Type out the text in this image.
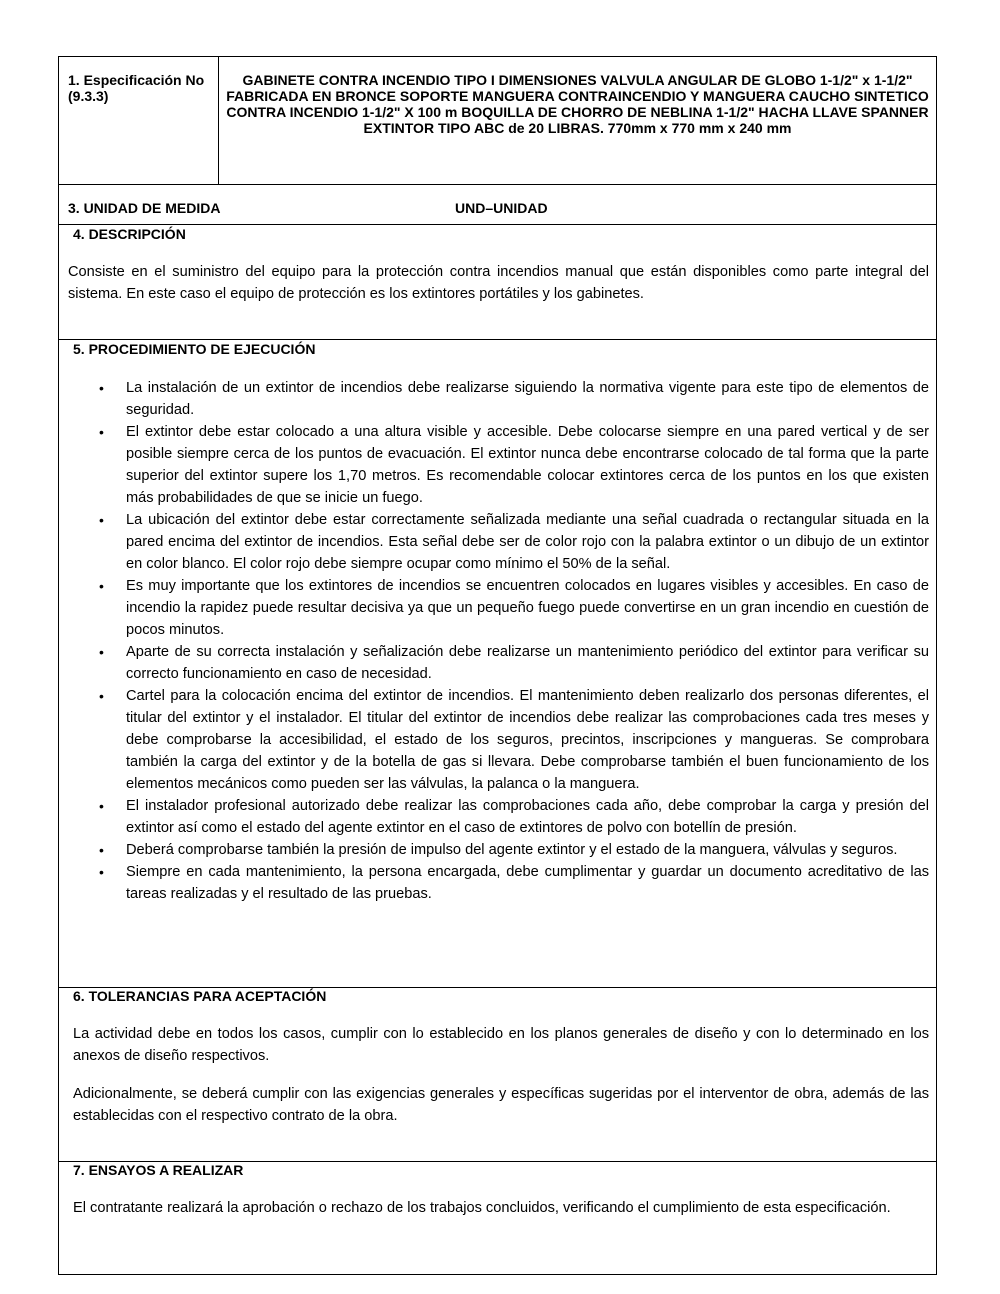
1. Especificación No (9.3.3)
GABINETE CONTRA INCENDIO TIPO I DIMENSIONES VALVULA ANGULAR DE GLOBO 1-1/2" x 1-1/2" FABRICADA EN BRONCE SOPORTE MANGUERA CONTRAINCENDIO Y MANGUERA CAUCHO SINTETICO CONTRA INCENDIO 1-1/2" X 100 m BOQUILLA DE CHORRO DE NEBLINA 1-1/2" HACHA LLAVE SPANNER EXTINTOR TIPO ABC de 20 LIBRAS. 770mm x 770 mm x 240 mm
3. UNIDAD DE MEDIDA	UND–UNIDAD
4. DESCRIPCIÓN
Consiste en el suministro del equipo para la protección contra incendios manual que están disponibles como parte integral del sistema. En este caso el equipo de protección es los extintores portátiles y los gabinetes.
5. PROCEDIMIENTO DE EJECUCIÓN
• La instalación de un extintor de incendios debe realizarse siguiendo la normativa vigente para este tipo de elementos de seguridad.
• El extintor debe estar colocado a una altura visible y accesible. Debe colocarse siempre en una pared vertical y de ser posible siempre cerca de los puntos de evacuación. El extintor nunca debe encontrarse colocado de tal forma que la parte superior del extintor supere los 1,70 metros. Es recomendable colocar extintores cerca de los puntos en los que existen más probabilidades de que se inicie un fuego.
• La ubicación del extintor debe estar correctamente señalizada mediante una señal cuadrada o rectangular situada en la pared encima del extintor de incendios. Esta señal debe ser de color rojo con la palabra extintor o un dibujo de un extintor en color blanco. El color rojo debe siempre ocupar como mínimo el 50% de la señal.
• Es muy importante que los extintores de incendios se encuentren colocados en lugares visibles y accesibles. En caso de incendio la rapidez puede resultar decisiva ya que un pequeño fuego puede convertirse en un gran incendio en cuestión de pocos minutos.
• Aparte de su correcta instalación y señalización debe realizarse un mantenimiento periódico del extintor para verificar su correcto funcionamiento en caso de necesidad.
• Cartel para la colocación encima del extintor de incendios. El mantenimiento deben realizarlo dos personas diferentes, el titular del extintor y el instalador. El titular del extintor de incendios debe realizar las comprobaciones cada tres meses y debe comprobarse la accesibilidad, el estado de los seguros, precintos, inscripciones y mangueras. Se comprobara también la carga del extintor y de la botella de gas si llevara. Debe comprobarse también el buen funcionamiento de los elementos mecánicos como pueden ser las válvulas, la palanca o la manguera.
• El instalador profesional autorizado debe realizar las comprobaciones cada año, debe comprobar la carga y presión del extintor así como el estado del agente extintor en el caso de extintores de polvo con botellín de presión.
• Deberá comprobarse también la presión de impulso del agente extintor y el estado de la manguera, válvulas y seguros.
• Siempre en cada mantenimiento, la persona encargada, debe cumplimentar y guardar un documento acreditativo de las tareas realizadas y el resultado de las pruebas.
6. TOLERANCIAS PARA ACEPTACIÓN
La actividad debe en todos los casos, cumplir con lo establecido en los planos generales de diseño y con lo determinado en los anexos de diseño respectivos.
Adicionalmente, se deberá cumplir con las exigencias generales y específicas sugeridas por el interventor de obra, además de las establecidas con el respectivo contrato de la obra.
7. ENSAYOS A REALIZAR
El contratante realizará la aprobación o rechazo de los trabajos concluidos, verificando el cumplimiento de esta especificación.
